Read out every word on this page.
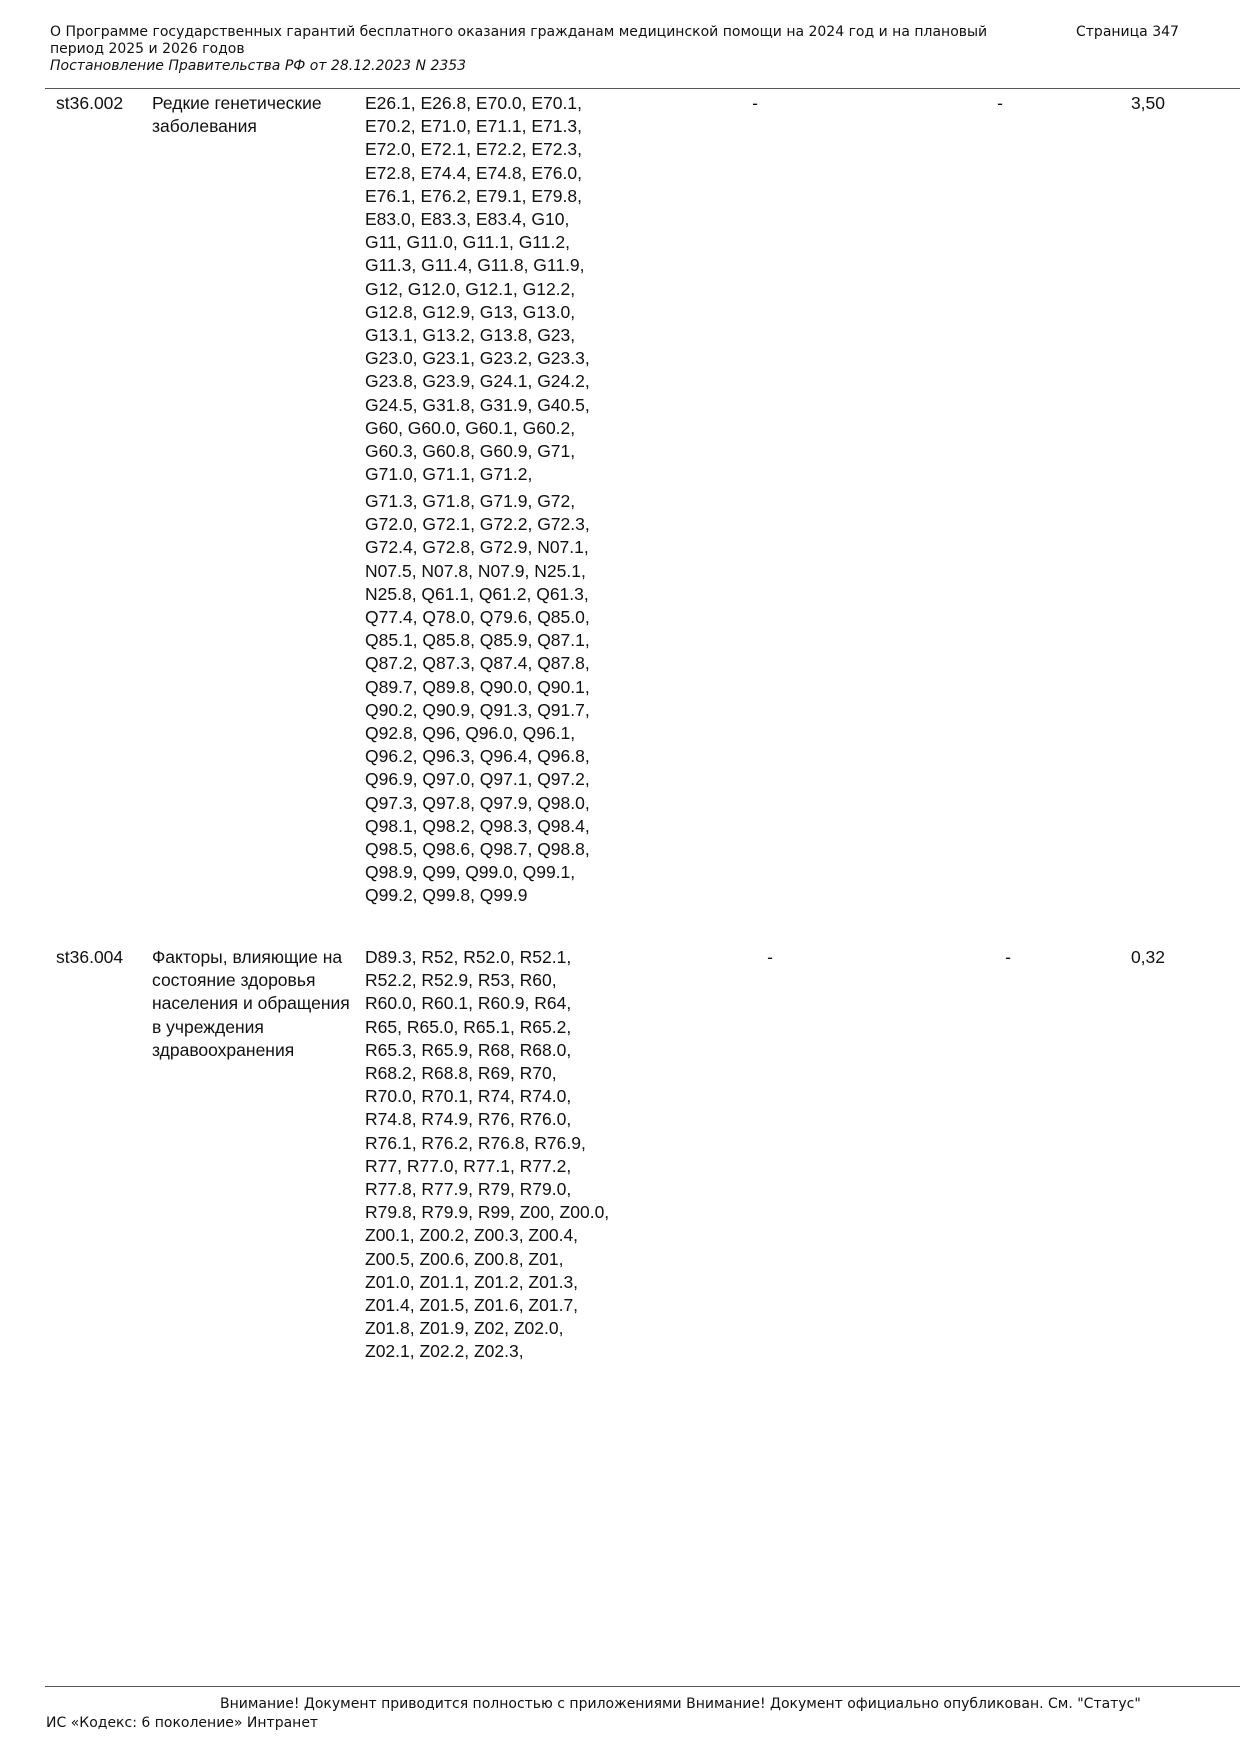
О Программе государственных гарантий бесплатного оказания гражданам медицинской помощи на 2024 год и на плановый
период 2025 и 2026 годов
Постановление Правительства РФ от 28.12.2023 N 2353
Страница 347
st36.002	Редкие генетические заболевания
E26.1, E26.8, E70.0, E70.1,
E70.2, E71.0, E71.1, E71.3,
E72.0, E72.1, E72.2, E72.3,
E72.8, E74.4, E74.8, E76.0,
E76.1, E76.2, E79.1, E79.8,
E83.0, E83.3, E83.4, G10,
G11, G11.0, G11.1, G11.2,
G11.3, G11.4, G11.8, G11.9,
G12, G12.0, G12.1, G12.2,
G12.8, G12.9, G13, G13.0,
G13.1, G13.2, G13.8, G23,
G23.0, G23.1, G23.2, G23.3,
G23.8, G23.9, G24.1, G24.2,
G24.5, G31.8, G31.9, G40.5,
G60, G60.0, G60.1, G60.2,
G60.3, G60.8, G60.9, G71,
G71.0, G71.1, G71.2,
G71.3, G71.8, G71.9, G72,
G72.0, G72.1, G72.2, G72.3,
G72.4, G72.8, G72.9, N07.1,
N07.5, N07.8, N07.9, N25.1,
N25.8, Q61.1, Q61.2, Q61.3,
Q77.4, Q78.0, Q79.6, Q85.0,
Q85.1, Q85.8, Q85.9, Q87.1,
Q87.2, Q87.3, Q87.4, Q87.8,
Q89.7, Q89.8, Q90.0, Q90.1,
Q90.2, Q90.9, Q91.3, Q91.7,
Q92.8, Q96, Q96.0, Q96.1,
Q96.2, Q96.3, Q96.4, Q96.8,
Q96.9, Q97.0, Q97.1, Q97.2,
Q97.3, Q97.8, Q97.9, Q98.0,
Q98.1, Q98.2, Q98.3, Q98.4,
Q98.5, Q98.6, Q98.7, Q98.8,
Q98.9, Q99, Q99.0, Q99.1,
Q99.2, Q99.8, Q99.9
-	-	3,50
st36.004	Факторы, влияющие на состояние здоровья населения и обращения в учреждения здравоохранения
D89.3, R52, R52.0, R52.1,
R52.2, R52.9, R53, R60,
R60.0, R60.1, R60.9, R64,
R65, R65.0, R65.1, R65.2,
R65.3, R65.9, R68, R68.0,
R68.2, R68.8, R69, R70,
R70.0, R70.1, R74, R74.0,
R74.8, R74.9, R76, R76.0,
R76.1, R76.2, R76.8, R76.9,
R77, R77.0, R77.1, R77.2,
R77.8, R77.9, R79, R79.0,
R79.8, R79.9, R99, Z00, Z00.0,
Z00.1, Z00.2, Z00.3, Z00.4,
Z00.5, Z00.6, Z00.8, Z01,
Z01.0, Z01.1, Z01.2, Z01.3,
Z01.4, Z01.5, Z01.6, Z01.7,
Z01.8, Z01.9, Z02, Z02.0,
Z02.1, Z02.2, Z02.3,
-	-	0,32
Внимание! Документ приводится полностью с приложениями Внимание! Документ официально опубликован. См. "Статус"
ИС «Кодекс: 6 поколение» Интранет
